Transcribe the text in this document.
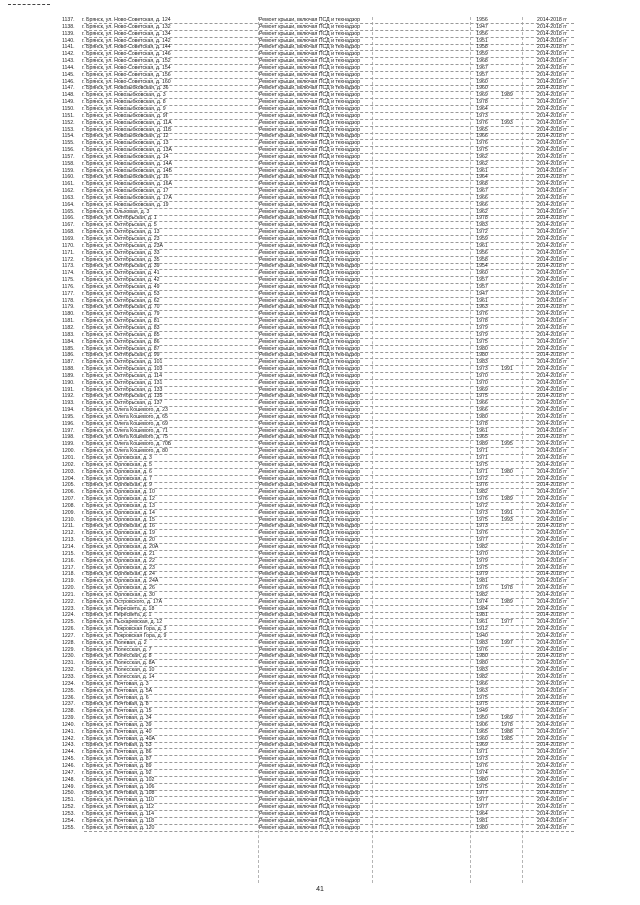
1137.	г. Брянск, ул. Ново-Советская, д. 124	Ремонт крыши, включая ПСД и технадзор	1956	2014-2018 гг
1138.	г. Брянск, ул. Ново-Советская, д. 132	Ремонт крыши, включая ПСД и технадзор	1947	2014-2018 гг
1139.	г. Брянск, ул. Ново-Советская, д. 134	Ремонт крыши, включая ПСД и технадзор	1956	2014-2018 гг
1140.	г. Брянск, ул. Ново-Советская, д. 142	Ремонт крыши, включая ПСД и технадзор	1951	2014-2018 гг
1141.	г. Брянск, ул. Ново-Советская, д. 144	Ремонт крыши, включая ПСД и технадзор	1958	2014-2018 гг
1142.	г. Брянск, ул. Ново-Советская, д. 146	Ремонт крыши, включая ПСД и технадзор	1959	2014-2018 гг
1143.	г. Брянск, ул. Ново-Советская, д. 152	Ремонт крыши, включая ПСД и технадзор	1968	2014-2018 гг
1144.	г. Брянск, ул. Ново-Советская, д. 154	Ремонт крыши, включая ПСД и технадзор	1967	2014-2018 гг
1145.	г. Брянск, ул. Ново-Советская, д. 156	Ремонт крыши, включая ПСД и технадзор	1957	2014-2018 гг
1146.	г. Брянск, ул. Ново-Советская, д. 160	Ремонт крыши, включая ПСД и технадзор	1960	2014-2018 гг
1147.	г. Брянск, ул. Новозыбковская, д. 36	Ремонт крыши, включая ПСД и технадзор	1960	2014-2018 гг
1148.	г. Брянск, ул. Новозыбковская, д. 3	Ремонт крыши, включая ПСД и технадзор	1969	1989	2014-2018 гг
1149.	г. Брянск, ул. Новозыбковская, д. 8	Ремонт крыши, включая ПСД и технадзор	1978	2014-2018 гг
1150.	г. Брянск, ул. Новозыбковская, д. 9	Ремонт крыши, включая ПСД и технадзор	1964	2014-2018 гг
1151.	г. Брянск, ул. Новозыбковская, д. 9Г	Ремонт крыши, включая ПСД и технадзор	1973	2014-2018 гг
1152.	г. Брянск, ул. Новозыбковская, д. 11А	Ремонт крыши, включая ПСД и технадзор	1976	1993	2014-2018 гг
1153.	г. Брянск, ул. Новозыбковская, д. 11Б	Ремонт крыши, включая ПСД и технадзор	1965	2014-2018 гг
1154.	г. Брянск, ул. Новозыбковская, д. 12	Ремонт крыши, включая ПСД и технадзор	1966	2014-2018 гг
1155.	г. Брянск, ул. Новозыбковская, д. 13	Ремонт крыши, включая ПСД и технадзор	1976	2014-2018 гг
1156.	г. Брянск, ул. Новозыбковская, д. 13А	Ремонт крыши, включая ПСД и технадзор	1975	2014-2018 гг
1157.	г. Брянск, ул. Новозыбковская, д. 14	Ремонт крыши, включая ПСД и технадзор	1962	2014-2018 гг
1158.	г. Брянск, ул. Новозыбковская, д. 14А	Ремонт крыши, включая ПСД и технадзор	1962	2014-2018 гг
1159.	г. Брянск, ул. Новозыбковская, д. 14Б	Ремонт крыши, включая ПСД и технадзор	1961	2014-2018 гг
1160.	г. Брянск, ул. Новозыбковская, д. 16	Ремонт крыши, включая ПСД и технадзор	1964	2014-2018 гг
1161.	г. Брянск, ул. Новозыбковская, д. 16А	Ремонт крыши, включая ПСД и технадзор	1968	2014-2018 гг
1162.	г. Брянск, ул. Новозыбковская, д. 17	Ремонт крыши, включая ПСД и технадзор	1967	2014-2018 гг
1163.	г. Брянск, ул. Новозыбковская, д. 17А	Ремонт крыши, включая ПСД и технадзор	1966	2014-2018 гг
1164.	г. Брянск, ул. Новозыбковская, д. 19	Ремонт крыши, включая ПСД и технадзор	1966	2014-2018 гг
1165.	г. Брянск, ул. Ольховая, д. 3	Ремонт крыши, включая ПСД и технадзор	1962	2014-2018 гг
1166.	г. Брянск, ул. Октябрьская, д. 1	Ремонт крыши, включая ПСД и технадзор	1978	2014-2018 гг
1167.	г. Брянск, ул. Октябрьская, д. 5	Ремонт крыши, включая ПСД и технадзор	1983	2014-2018 гг
1168.	г. Брянск, ул. Октябрьская, д. 13	Ремонт крыши, включая ПСД и технадзор	1972	2014-2018 гг
1169.	г. Брянск, ул. Октябрьская, д. 23	Ремонт крыши, включая ПСД и технадзор	1959	2014-2018 гг
1170.	г. Брянск, ул. Октябрьская, д. 23А	Ремонт крыши, включая ПСД и технадзор	1961	2014-2018 гг
1171.	г. Брянск, ул. Октябрьская, д. 33	Ремонт крыши, включая ПСД и технадзор	1956	2014-2018 гг
1172.	г. Брянск, ул. Октябрьская, д. 35	Ремонт крыши, включая ПСД и технадзор	1958	2014-2018 гг
1173.	г. Брянск, ул. Октябрьская, д. 39	Ремонт крыши, включая ПСД и технадзор	1954	2014-2018 гг
1174.	г. Брянск, ул. Октябрьская, д. 41	Ремонт крыши, включая ПСД и технадзор	1960	2014-2018 гг
1175.	г. Брянск, ул. Октябрьская, д. 42	Ремонт крыши, включая ПСД и технадзор	1957	2014-2018 гг
1176.	г. Брянск, ул. Октябрьская, д. 49	Ремонт крыши, включая ПСД и технадзор	1957	2014-2018 гг
1177.	г. Брянск, ул. Октябрьская, д. 53	Ремонт крыши, включая ПСД и технадзор	1947	2014-2018 гг
1178.	г. Брянск, ул. Октябрьская, д. 62	Ремонт крыши, включая ПСД и технадзор	1961	2014-2018 гг
1179.	г. Брянск, ул. Октябрьская, д. 70	Ремонт крыши, включая ПСД и технадзор	1963	2014-2018 гг
1180.	г. Брянск, ул. Октябрьская, д. 79	Ремонт крыши, включая ПСД и технадзор	1976	2014-2018 гг
1181.	г. Брянск, ул. Октябрьская, д. 81	Ремонт крыши, включая ПСД и технадзор	1978	2014-2018 гг
1182.	г. Брянск, ул. Октябрьская, д. 83	Ремонт крыши, включая ПСД и технадзор	1979	2014-2018 гг
1183.	г. Брянск, ул. Октябрьская, д. 85	Ремонт крыши, включая ПСД и технадзор	1979	2014-2018 гг
1184.	г. Брянск, ул. Октябрьская, д. 86	Ремонт крыши, включая ПСД и технадзор	1975	2014-2018 гг
1185.	г. Брянск, ул. Октябрьская, д. 87	Ремонт крыши, включая ПСД и технадзор	1980	2014-2018 гг
1186.	г. Брянск, ул. Октябрьская, д. 99	Ремонт крыши, включая ПСД и технадзор	1980	2014-2018 гг
1187.	г. Брянск, ул. Октябрьская, д. 101	Ремонт крыши, включая ПСД и технадзор	1983	2014-2018 гг
1188.	г. Брянск, ул. Октябрьская, д. 103	Ремонт крыши, включая ПСД и технадзор	1973	1991	2014-2018 гг
1189.	г. Брянск, ул. Октябрьская, д. 114	Ремонт крыши, включая ПСД и технадзор	1970	2014-2018 гг
1190.	г. Брянск, ул. Октябрьская, д. 131	Ремонт крыши, включая ПСД и технадзор	1970	2014-2018 гг
1191.	г. Брянск, ул. Октябрьская, д. 133	Ремонт крыши, включая ПСД и технадзор	1969	2014-2018 гг
1192.	г. Брянск, ул. Октябрьская, д. 135	Ремонт крыши, включая ПСД и технадзор	1975	2014-2018 гг
1193.	г. Брянск, ул. Октябрьская, д. 137	Ремонт крыши, включая ПСД и технадзор	1966	2014-2018 гг
1194.	г. Брянск, ул. Олега Кошевого, д. 23	Ремонт крыши, включая ПСД и технадзор	1966	2014-2018 гг
1195.	г. Брянск, ул. Олега Кошевого, д. 65	Ремонт крыши, включая ПСД и технадзор	1980	2014-2018 гг
1196.	г. Брянск, ул. Олега Кошевого, д. 69	Ремонт крыши, включая ПСД и технадзор	1978	2014-2018 гг
1197.	г. Брянск, ул. Олега Кошевого, д. 71	Ремонт крыши, включая ПСД и технадзор	1961	2014-2018 гг
1198.	г. Брянск, ул. Олега Кошевого, д. 75	Ремонт крыши, включая ПСД и технадзор	1965	2014-2018 гг
1199.	г. Брянск, ул. Олега Кошевого, д. 70Б	Ремонт крыши, включая ПСД и технадзор	1989	1995	2014-2018 гг
1200.	г. Брянск, ул. Олега Кошевого, д. 80	Ремонт крыши, включая ПСД и технадзор	1971	2014-2018 гг
1201.	г. Брянск, ул. Орловская, д. 3	Ремонт крыши, включая ПСД и технадзор	1971	2014-2018 гг
1202.	г. Брянск, ул. Орловская, д. 5	Ремонт крыши, включая ПСД и технадзор	1975	2014-2018 гг
1203.	г. Брянск, ул. Орловская, д. 6	Ремонт крыши, включая ПСД и технадзор	1971	1980	2014-2018 гг
1204.	г. Брянск, ул. Орловская, д. 7	Ремонт крыши, включая ПСД и технадзор	1972	2014-2018 гг
1205.	г. Брянск, ул. Орловская, д. 9	Ремонт крыши, включая ПСД и технадзор	1976	2014-2018 гг
1206.	г. Брянск, ул. Орловская, д. 10	Ремонт крыши, включая ПСД и технадзор	1982	2014-2018 гг
1207.	г. Брянск, ул. Орловская, д. 12	Ремонт крыши, включая ПСД и технадзор	1976	1989	2014-2018 гг
1208.	г. Брянск, ул. Орловская, д. 13	Ремонт крыши, включая ПСД и технадзор	1972	2014-2018 гг
1209.	г. Брянск, ул. Орловская, д. 14	Ремонт крыши, включая ПСД и технадзор	1973	1991	2014-2018 гг
1210.	г. Брянск, ул. Орловская, д. 15	Ремонт крыши, включая ПСД и технадзор	1975	1993	2014-2018 гг
1211.	г. Брянск, ул. Орловская, д. 16	Ремонт крыши, включая ПСД и технадзор	1973	2014-2018 гг
1212.	г. Брянск, ул. Орловская, д. 19	Ремонт крыши, включая ПСД и технадзор	1976	2014-2018 гг
1213.	г. Брянск, ул. Орловская, д. 20	Ремонт крыши, включая ПСД и технадзор	1977	2014-2018 гг
1214.	г. Брянск, ул. Орловская, д. 20А	Ремонт крыши, включая ПСД и технадзор	1982	2014-2018 гг
1215.	г. Брянск, ул. Орловская, д. 21	Ремонт крыши, включая ПСД и технадзор	1970	2014-2018 гг
1216.	г. Брянск, ул. Орловская, д. 22	Ремонт крыши, включая ПСД и технадзор	1979	2014-2018 гг
1217.	г. Брянск, ул. Орловская, д. 23	Ремонт крыши, включая ПСД и технадзор	1975	2014-2018 гг
1218.	г. Брянск, ул. Орловская, д. 24	Ремонт крыши, включая ПСД и технадзор	1979	2014-2018 гг
1219.	г. Брянск, ул. Орловская, д. 24А	Ремонт крыши, включая ПСД и технадзор	1981	2014-2018 гг
1220.	г. Брянск, ул. Орловская, д. 26	Ремонт крыши, включая ПСД и технадзор	1976	1978	2014-2018 гг
1221.	г. Брянск, ул. Орловская, д. 30	Ремонт крыши, включая ПСД и технадзор	1982	2014-2018 гг
1222.	г. Брянск, ул. Островского, д. 17А	Ремонт крыши, включая ПСД и технадзор	1974	1989	2014-2018 гг
1223.	г. Брянск, ул. Пересвета, д. 18	Ремонт крыши, включая ПСД и технадзор	1984	2014-2018 гг
1224.	г. Брянск, ул. Пересвета, д. 1	Ремонт крыши, включая ПСД и технадзор	1981	2014-2018 гг
1225.	г. Брянск, ул. Пьскаревская, д. 12	Ремонт крыши, включая ПСД и технадзор	1961	1977	2014-2018 гг
1226.	г. Брянск, ул. Покровская Гора, д. 3	Ремонт крыши, включая ПСД и технадзор	1912	2014-2018 гг
1227.	г. Брянск, ул. Покровская Гора, д. 9	Ремонт крыши, включая ПСД и технадзор	1940	2014-2018 гг
1228.	г. Брянск, ул. Полевая, д. 2	Ремонт крыши, включая ПСД и технадзор	1983	1997	2014-2018 гг
1229.	г. Брянск, ул. Полесская, д. 7	Ремонт крыши, включая ПСД и технадзор	1976	2014-2018 гг
1230.	г. Брянск, ул. Полесская, д. 8	Ремонт крыши, включая ПСД и технадзор	1980	2014-2018 гг
1231.	г. Брянск, ул. Полесская, д. 8А	Ремонт крыши, включая ПСД и технадзор	1980	2014-2018 гг
1232.	г. Брянск, ул. Полесская, д. 10	Ремонт крыши, включая ПСД и технадзор	1983	2014-2018 гг
1233.	г. Брянск, ул. Полесская, д. 14	Ремонт крыши, включая ПСД и технадзор	1982	2014-2018 гг
1234.	г. Брянск, ул. Почтовая, д. 3	Ремонт крыши, включая ПСД и технадзор	1966	2014-2018 гг
1235.	г. Брянск, ул. Почтовая, д. 5А	Ремонт крыши, включая ПСД и технадзор	1963	2014-2018 гг
1236.	г. Брянск, ул. Почтовая, д. 6	Ремонт крыши, включая ПСД и технадзор	1975	2014-2018 гг
1237.	г. Брянск, ул. Почтовая, д. 8	Ремонт крыши, включая ПСД и технадзор	1975	2014-2018 гг
1238.	г. Брянск, ул. Почтовая, д. 15	Ремонт крыши, включая ПСД и технадзор	1949	2014-2018 гг
1239.	г. Брянск, ул. Почтовая, д. 34	Ремонт крыши, включая ПСД и технадзор	1950	1969	2014-2018 гг
1240.	г. Брянск, ул. Почтовая, д. 39	Ремонт крыши, включая ПСД и технадзор	1906	1978	2014-2018 гг
1241.	г. Брянск, ул. Почтовая, д. 40	Ремонт крыши, включая ПСД и технадзор	1965	1988	2014-2018 гг
1242.	г. Брянск, ул. Почтовая, д. 40А	Ремонт крыши, включая ПСД и технадзор	1960	1985	2014-2018 гг
1243.	г. Брянск, ул. Почтовая, д. 53	Ремонт крыши, включая ПСД и технадзор	1969	2014-2018 гг
1244.	г. Брянск, ул. Почтовая, д. 86	Ремонт крыши, включая ПСД и технадзор	1971	2014-2018 гг
1245.	г. Брянск, ул. Почтовая, д. 87	Ремонт крыши, включая ПСД и технадзор	1973	2014-2018 гг
1246.	г. Брянск, ул. Почтовая, д. 89	Ремонт крыши, включая ПСД и технадзор	1976	2014-2018 гг
1247.	г. Брянск, ул. Почтовая, д. 92	Ремонт крыши, включая ПСД и технадзор	1974	2014-2018 гг
1248.	г. Брянск, ул. Почтовая, д. 102	Ремонт крыши, включая ПСД и технадзор	1980	2014-2018 гг
1249.	г. Брянск, ул. Почтовая, д. 106	Ремонт крыши, включая ПСД и технадзор	1975	2014-2018 гг
1250.	г. Брянск, ул. Почтовая, д. 108	Ремонт крыши, включая ПСД и технадзор	1977	2014-2018 гг
1251.	г. Брянск, ул. Почтовая, д. 110	Ремонт крыши, включая ПСД и технадзор	1977	2014-2018 гг
1252.	г. Брянск, ул. Почтовая, д. 112	Ремонт крыши, включая ПСД и технадзор	1977	2014-2018 гг
1253.	г. Брянск, ул. Почтовая, д. 114	Ремонт крыши, включая ПСД и технадзор	1964	2014-2018 гг
1254.	г. Брянск, ул. Почтовая, д. 118	Ремонт крыши, включая ПСД и технадзор	1981	2014-2018 гг
1255.	г. Брянск, ул. Почтовая, д. 120	Ремонт крыши, включая ПСД и технадзор	1980	2014-2018 гг
41
